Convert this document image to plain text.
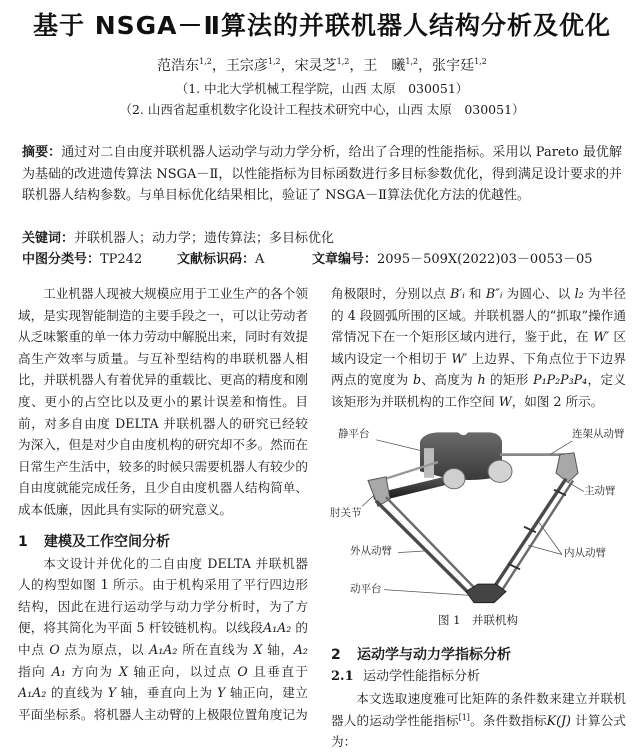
基于 NSGA－Ⅱ算法的并联机器人结构分析及优化
范浩东$^{1,2}$，王宗彦$^{1,2}$，宋灵芝$^{1,2}$，王　曦$^{1,2}$，张宇廷$^{1,2}$
（1. 中北大学机械工程学院，山西 太原　030051）
（2. 山西省起重机数字化设计工程技术研究中心，山西 太原　030051）
摘要：通过对二自由度并联机器人运动学与动力学分析，给出了合理的性能指标。采用以 Pareto 最优解为基础的改进遗传算法 NSGA－Ⅱ，以性能指标为目标函数进行多目标参数优化，得到满足设计要求的并联机器人结构参数。与单目标优化结果相比，验证了 NSGA－Ⅱ算法优化方法的优越性。
关键词：并联机器人；动力学；遗传算法；多目标优化
中图分类号：TP242	文献标识码：A	文章编号：2095－509X(2022)03－0053－05

工业机器人现被大规模应用于工业生产的各个领域，是实现智能制造的主要手段之一，可以让劳动者从乏味繁重的单一体力劳动中解脱出来，同时有效提高生产效率与质量。与互补型结构的串联机器人相比，并联机器人有着优异的重载比、更高的精度和刚度、更小的占空比以及更小的累计误差和惰性。目前，对多自由度 DELTA 并联机器人的研究已经较为深入，但是对少自由度机构的研究却不多。然而在日常生产生活中，较多的时候只需要机器人有较少的自由度就能完成任务，且少自由度机器人结构简单、成本低廉，因此具有实际的研究意义。

1 建模及工作空间分析

本文设计并优化的二自由度 DELTA 并联机器人的构型如图 1 所示。由于机构采用了平行四边形结构，因此在进行运动学与动力学分析时，为了方便，将其简化为平面 5 杆铰链机构。以线段A₁A₂ 的中点 O 点为原点，以 A₁A₂ 所在直线为 X 轴，A₂ 指向 A₁ 方向为 X 轴正向，以过点 O 且垂直于 A₁A₂ 的直线为 Y 轴，垂直向上为 Y 轴正向，建立平面坐标系。将机器人主动臂的上极限位置角度记为

角极限时，分别以点 B′ᵢ 和 B″ᵢ 为圆心、以 l₂ 为半径的 4 段圆弧所围的区域。并联机器人的“抓取”操作通常情况下在一个矩形区域内进行，鉴于此，在 W′ 区域内设定一个相切于 W′ 上边界、下角点位于下边界两点的宽度为 b、高度为 h 的矩形 P₁P₂P₃P₄，定义该矩形为并联机构的工作空间 W，如图 2 所示。

静平台	连架从动臂
主动臂
肘关节
外从动臂	内从动臂
动平台
图 1　 并联机构
2 运动学与动力学指标分析
2.1 运动学性能指标分析

本文选取速度雅可比矩阵的条件数来建立并联机器人的运动学性能指标[1]。条件数指标K(J) 计算公式为：
